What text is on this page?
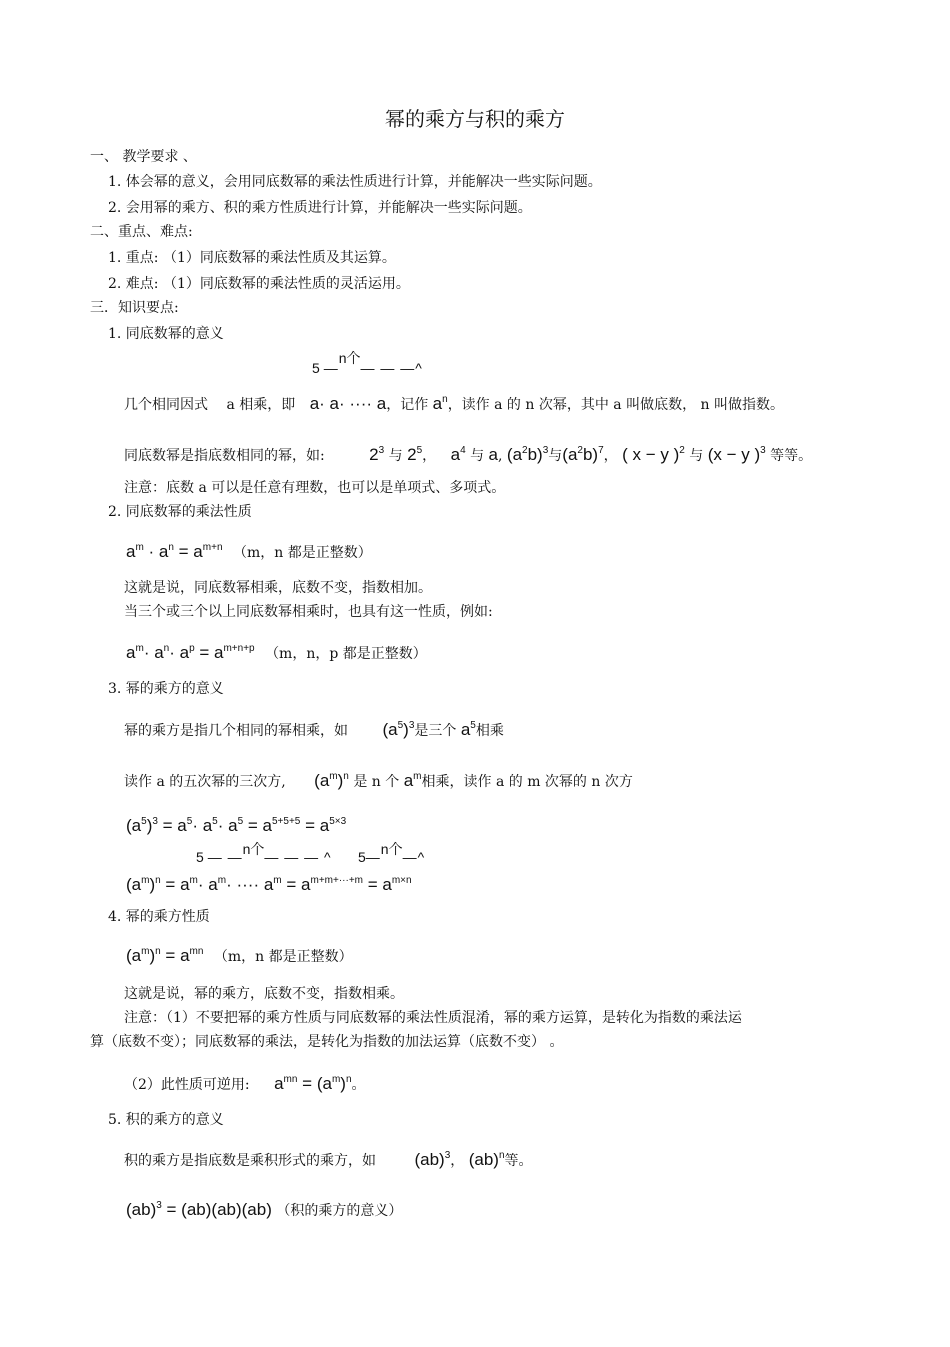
幂的乘方与积的乘方
一、 教学要求 、
1. 体会幂的意义，会用同底数幂的乘法性质进行计算，并能解决一些实际问题。
2. 会用幂的乘方、积的乘方性质进行计算，并能解决一些实际问题。
二、重点、难点:
1. 重点: （1）同底数幂的乘法性质及其运算。
2. 难点: （1）同底数幂的乘法性质的灵活运用。
三．知识要点:
1. 同底数幂的意义
5 —n个— — —^
几个相同因式 a 相乘，即 a· a· ···· a，记作 $a^n$，读作 a 的 n 次幂，其中 a 叫做底数， n 叫做指数。
同底数幂是指底数相同的幂，如:	$2^3$ 与 $2^5$， $a^4$ 与 a, $(a^2b)^3$与$(a^2b)^7$， ( x − y )$^2$ 与 (x − y )$^3$ 等等。
注意：底数 a 可以是任意有理数，也可以是单项式、多项式。
2. 同底数幂的乘法性质
$a^m \cdot a^n = a^{m+n}$ （m，n 都是正整数）
这就是说，同底数幂相乘，底数不变，指数相加。
当三个或三个以上同底数幂相乘时，也具有这一性质，例如:
$a^m\cdot a^n\cdot a^p = a^{m+n+p}$ （m，n，p 都是正整数）
3. 幂的乘方的意义
幂的乘方是指几个相同的幂相乘，如 $(a^5)^3$是三个 $a^5$相乘
读作 a 的五次幂的三次方, $(a^m)^n$ 是 n 个 $a^m$相乘，读作 a 的 m 次幂的 n 次方
$(a^5)^3 = a^5\cdot a^5\cdot a^5 = a^{5+5+5} = a^{5\times 3}$
5 — —n个— — — ^ 5—n个—^
$(a^m)^n = a^m\cdot a^m\cdot$ ···· $a^m = a^{m+m+\cdot\cdot\cdot+m} = a^{m\times n}$
4. 幂的乘方性质
$(a^m)^n = a^{mn}$ （m，n 都是正整数）
这就是说，幂的乘方，底数不变，指数相乘。
注意：（1）不要把幂的乘方性质与同底数幂的乘法性质混淆，幂的乘方运算，是转化为指数的乘法运
算（底数不变）；同底数幂的乘法，是转化为指数的加法运算（底数不变） 。
（2）此性质可逆用: $a^{mn} = (a^m)^n$。
5. 积的乘方的意义
积的乘方是指底数是乘积形式的乘方，如 (ab)$^3$， (ab)$^n$等。
(ab)$^3$ = (ab)(ab)(ab) （积的乘方的意义）
